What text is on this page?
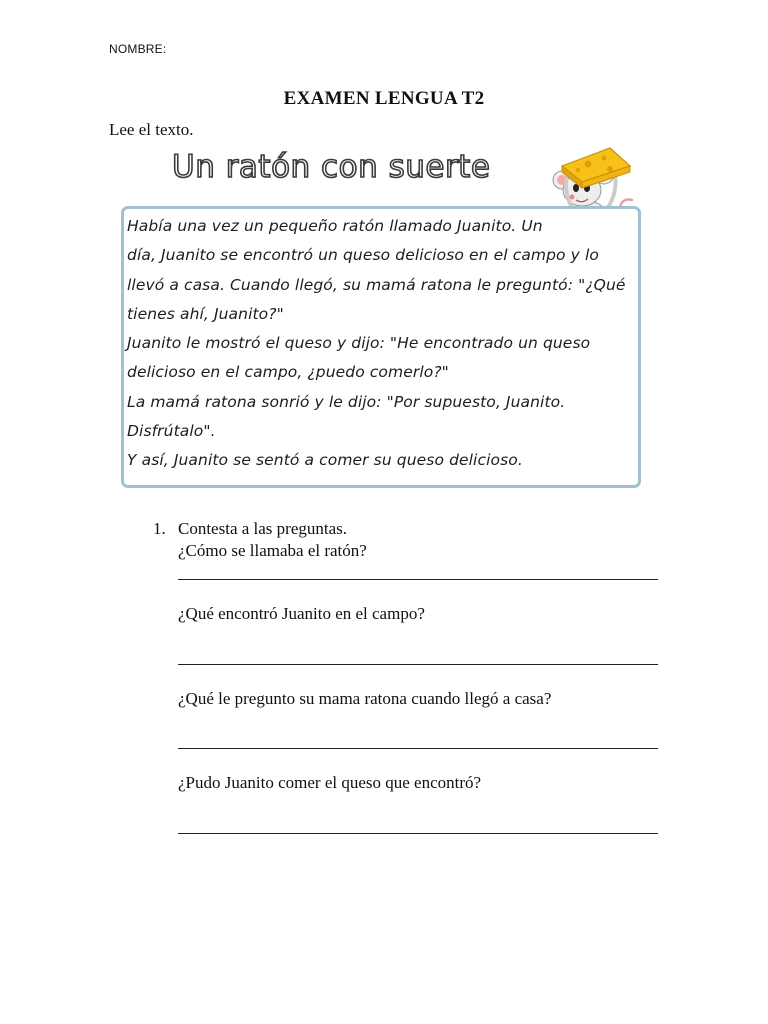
NOMBRE:
EXAMEN LENGUA T2
Lee el texto.
Un ratón con suerte
Había una vez un pequeño ratón llamado Juanito. Un
día, Juanito se encontró un queso delicioso en el campo y lo
llevó a casa. Cuando llegó, su mamá ratona le preguntó: "¿Qué
tienes ahí, Juanito?"
Juanito le mostró el queso y dijo: "He encontrado un queso
delicioso en el campo, ¿puedo comerlo?"
La mamá ratona sonrió y le dijo: "Por supuesto, Juanito.
Disfrútalo".
Y así, Juanito se sentó a comer su queso delicioso.
1. Contesta a las preguntas.
¿Cómo se llamaba el ratón?
¿Qué encontró Juanito en el campo?
¿Qué le pregunto su mama ratona cuando llegó a casa?
¿Pudo Juanito comer el queso que encontró?
